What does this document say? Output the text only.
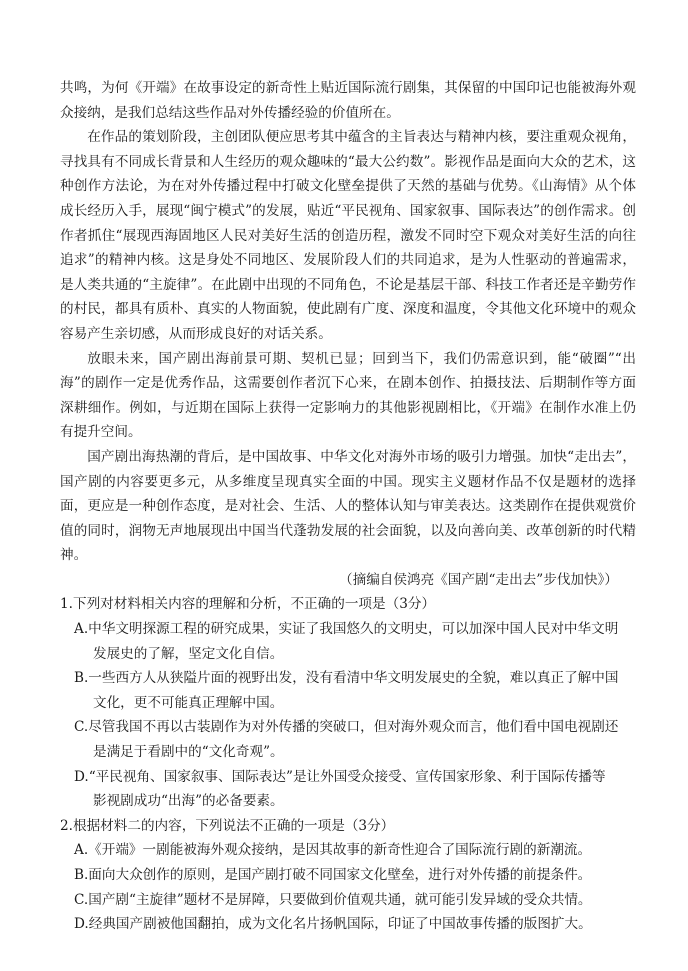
共鸣，为何《开端》在故事设定的新奇性上贴近国际流行剧集，其保留的中国印记也能被海外观众接纳，是我们总结这些作品对外传播经验的价值所在。

在作品的策划阶段，主创团队便应思考其中蕴含的主旨表达与精神内核，要注重观众视角，寻找具有不同成长背景和人生经历的观众趣味的“最大公约数”。影视作品是面向大众的艺术，这种创作方法论，为在对外传播过程中打破文化壁垒提供了天然的基础与优势。《山海情》从个体成长经历入手，展现“闽宁模式”的发展，贴近“平民视角、国家叙事、国际表达”的创作需求。创作者抓住“展现西海固地区人民对美好生活的创造历程，激发不同时空下观众对美好生活的向往追求”的精神内核。这是身处不同地区、发展阶段人们的共同追求，是为人性驱动的普遍需求，是人类共通的“主旋律”。在此剧中出现的不同角色，不论是基层干部、科技工作者还是辛勤劳作的村民，都具有质朴、真实的人物面貌，使此剧有广度、深度和温度，令其他文化环境中的观众容易产生亲切感，从而形成良好的对话关系。

放眼未来，国产剧出海前景可期、契机已显；回到当下，我们仍需意识到，能“破圈”“出海”的剧作一定是优秀作品，这需要创作者沉下心来，在剧本创作、拍摄技法、后期制作等方面深耕细作。例如，与近期在国际上获得一定影响力的其他影视剧相比，《开端》在制作水准上仍有提升空间。

国产剧出海热潮的背后，是中国故事、中华文化对海外市场的吸引力增强。加快“走出去”，国产剧的内容要更多元，从多维度呈现真实全面的中国。现实主义题材作品不仅是题材的选择面，更应是一种创作态度，是对社会、生活、人的整体认知与审美表达。这类剧作在提供观赏价值的同时，润物无声地展现出中国当代蓬勃发展的社会面貌，以及向善向美、改革创新的时代精神。

（摘编自侯鸿亮《国产剧“走出去”步伐加快》）

1.下列对材料相关内容的理解和分析，不正确的一项是（3分）

A.中华文明探源工程的研究成果，实证了我国悠久的文明史，可以加深中国人民对中华文明
发展史的了解，坚定文化自信。

B.一些西方人从狭隘片面的视野出发，没有看清中华文明发展史的全貌，难以真正了解中国
文化，更不可能真正理解中国。

C.尽管我国不再以古装剧作为对外传播的突破口，但对海外观众而言，他们看中国电视剧还
是满足于看剧中的“文化奇观”。

D.“平民视角、国家叙事、国际表达”是让外国受众接受、宣传国家形象、利于国际传播等
影视剧成功“出海”的必备要素。

2.根据材料二的内容，下列说法不正确的一项是（3分）

A.《开端》一剧能被海外观众接纳，是因其故事的新奇性迎合了国际流行剧的新潮流。

B.面向大众创作的原则，是国产剧打破不同国家文化壁垒，进行对外传播的前提条件。

C.国产剧“主旋律”题材不是屏障，只要做到价值观共通，就可能引发异域的受众共情。

D.经典国产剧被他国翻拍，成为文化名片扬帆国际，印证了中国故事传播的版图扩大。
